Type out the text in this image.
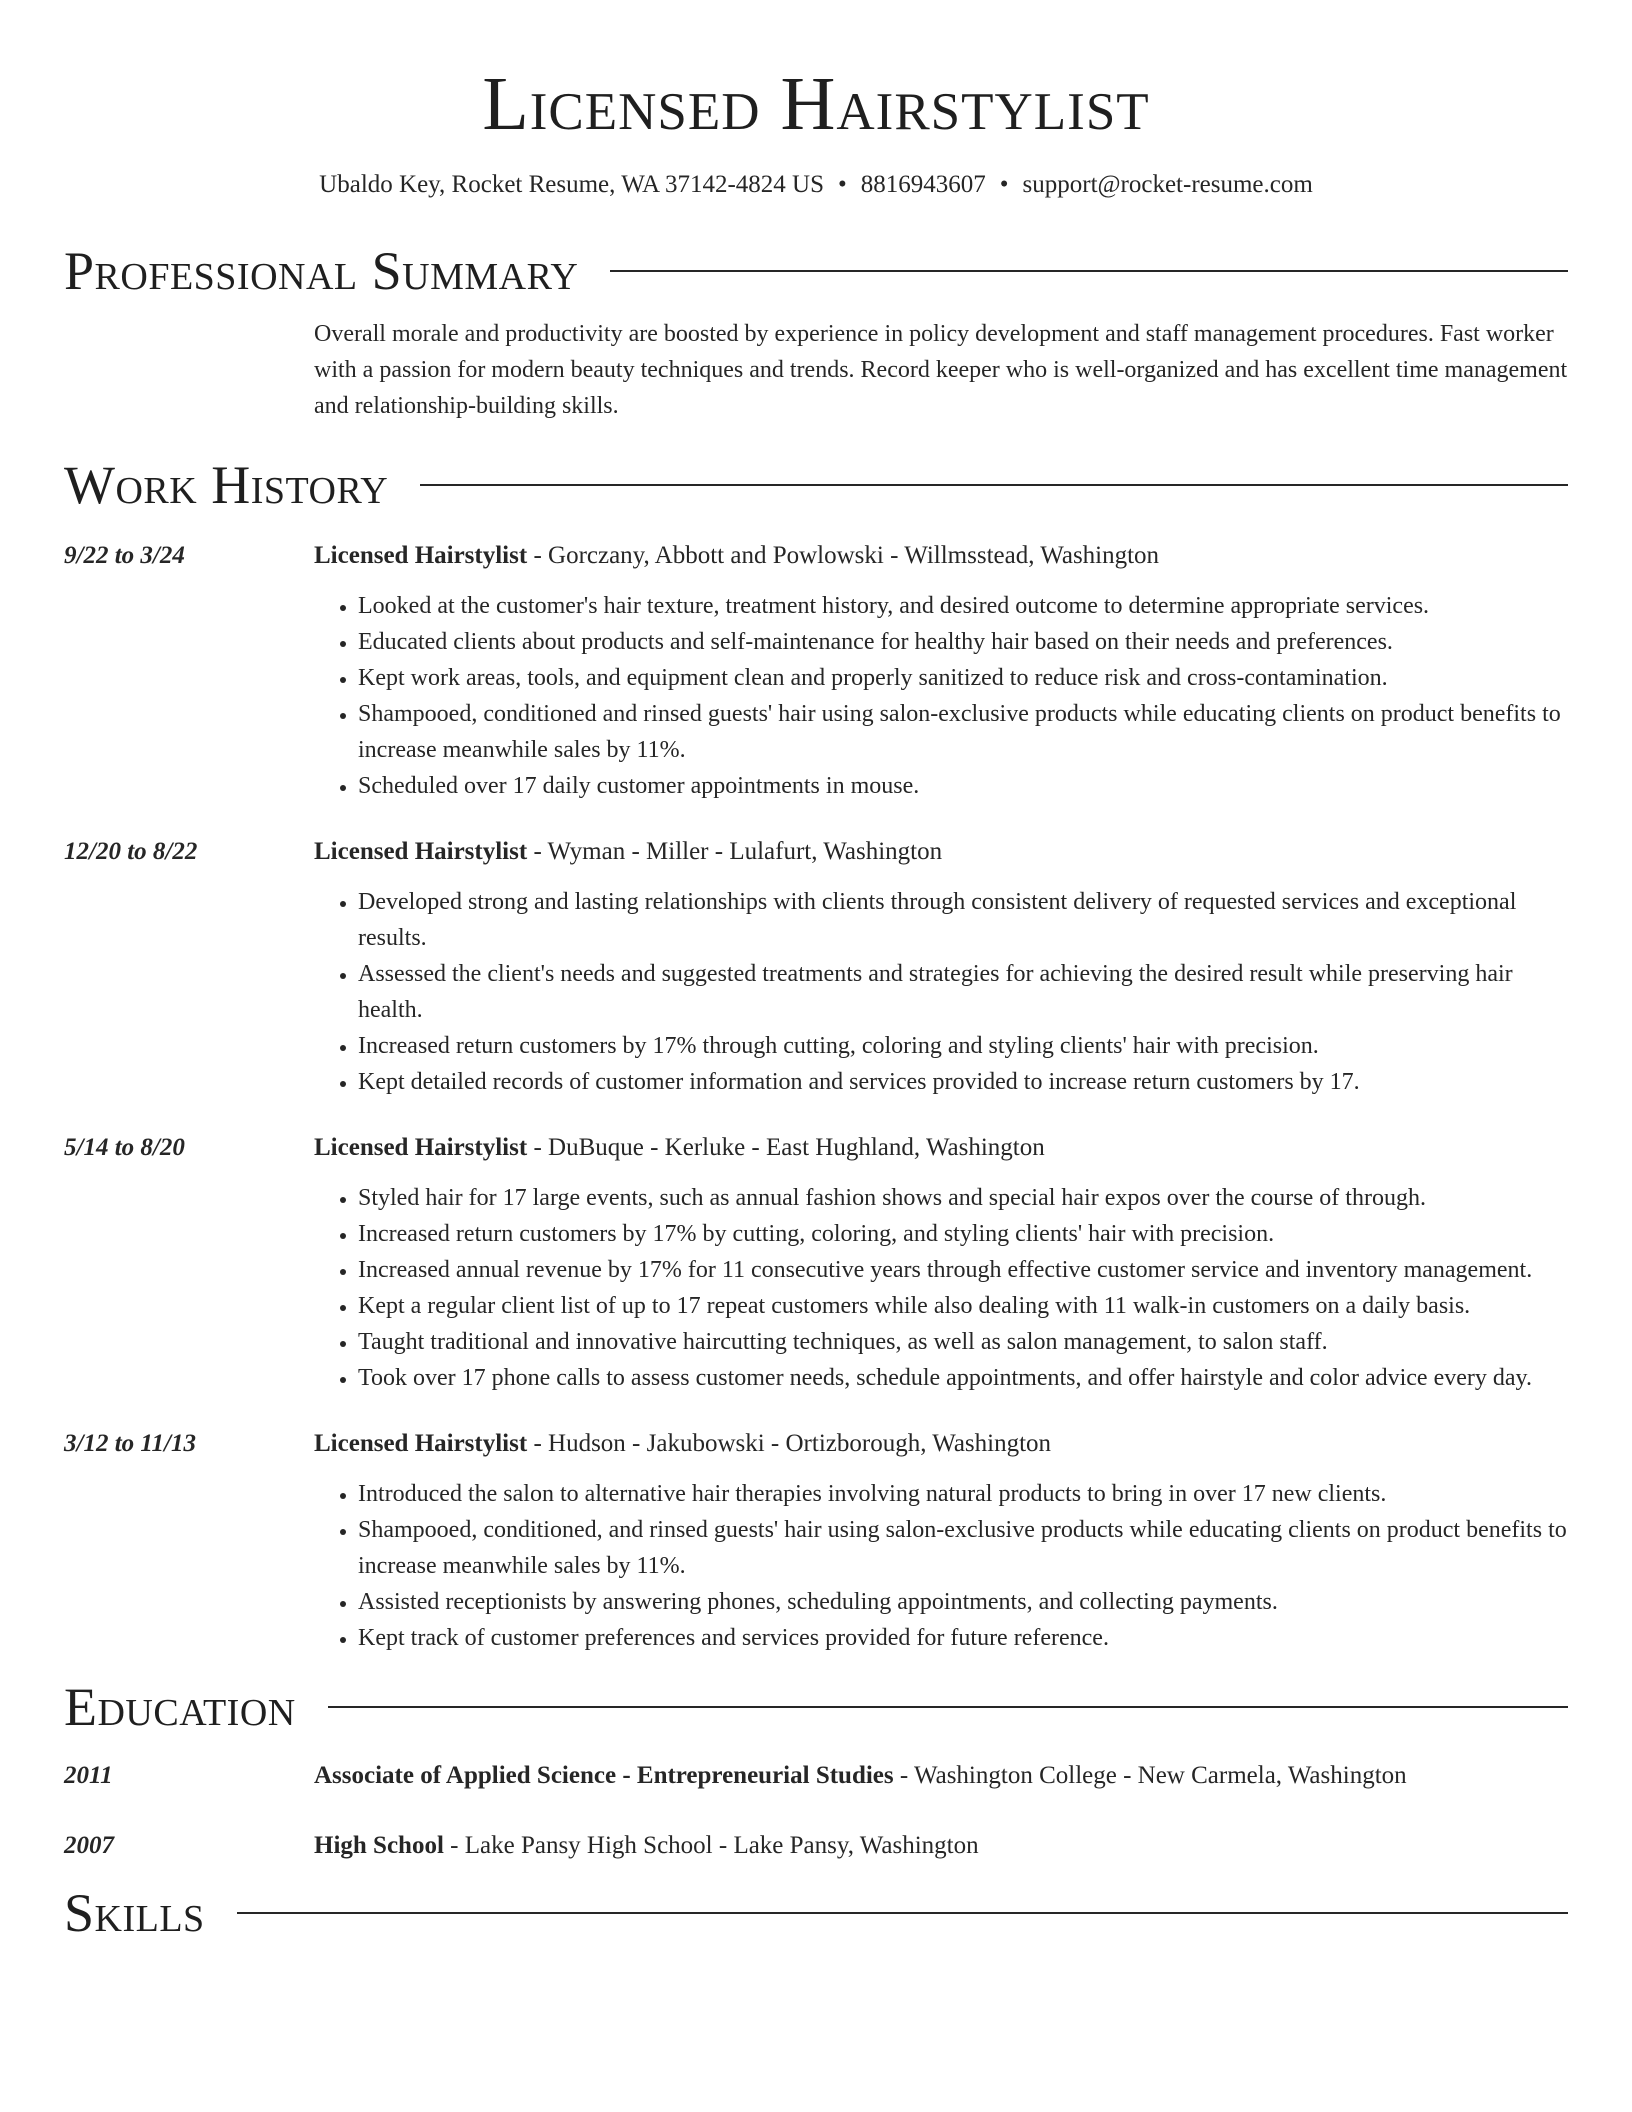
Licensed Hairstylist
Ubaldo Key, Rocket Resume, WA 37142-4824 US • 8816943607 • support@rocket-resume.com
Professional Summary
Overall morale and productivity are boosted by experience in policy development and staff management procedures. Fast worker with a passion for modern beauty techniques and trends. Record keeper who is well-organized and has excellent time management and relationship-building skills.
Work History
9/22 to 3/24	Licensed Hairstylist - Gorczany, Abbott and Powlowski - Willmsstead, Washington
• Looked at the customer's hair texture, treatment history, and desired outcome to determine appropriate services.
• Educated clients about products and self-maintenance for healthy hair based on their needs and preferences.
• Kept work areas, tools, and equipment clean and properly sanitized to reduce risk and cross-contamination.
• Shampooed, conditioned and rinsed guests' hair using salon-exclusive products while educating clients on product benefits to increase meanwhile sales by 11%.
• Scheduled over 17 daily customer appointments in mouse.
12/20 to 8/22	Licensed Hairstylist - Wyman - Miller - Lulafurt, Washington
• Developed strong and lasting relationships with clients through consistent delivery of requested services and exceptional results.
• Assessed the client's needs and suggested treatments and strategies for achieving the desired result while preserving hair health.
• Increased return customers by 17% through cutting, coloring and styling clients' hair with precision.
• Kept detailed records of customer information and services provided to increase return customers by 17.
5/14 to 8/20	Licensed Hairstylist - DuBuque - Kerluke - East Hughland, Washington
• Styled hair for 17 large events, such as annual fashion shows and special hair expos over the course of through.
• Increased return customers by 17% by cutting, coloring, and styling clients' hair with precision.
• Increased annual revenue by 17% for 11 consecutive years through effective customer service and inventory management.
• Kept a regular client list of up to 17 repeat customers while also dealing with 11 walk-in customers on a daily basis.
• Taught traditional and innovative haircutting techniques, as well as salon management, to salon staff.
• Took over 17 phone calls to assess customer needs, schedule appointments, and offer hairstyle and color advice every day.
3/12 to 11/13	Licensed Hairstylist - Hudson - Jakubowski - Ortizborough, Washington
• Introduced the salon to alternative hair therapies involving natural products to bring in over 17 new clients.
• Shampooed, conditioned, and rinsed guests' hair using salon-exclusive products while educating clients on product benefits to increase meanwhile sales by 11%.
• Assisted receptionists by answering phones, scheduling appointments, and collecting payments.
• Kept track of customer preferences and services provided for future reference.
Education
2011	Associate of Applied Science - Entrepreneurial Studies - Washington College - New Carmela, Washington
2007	High School - Lake Pansy High School - Lake Pansy, Washington
Skills
